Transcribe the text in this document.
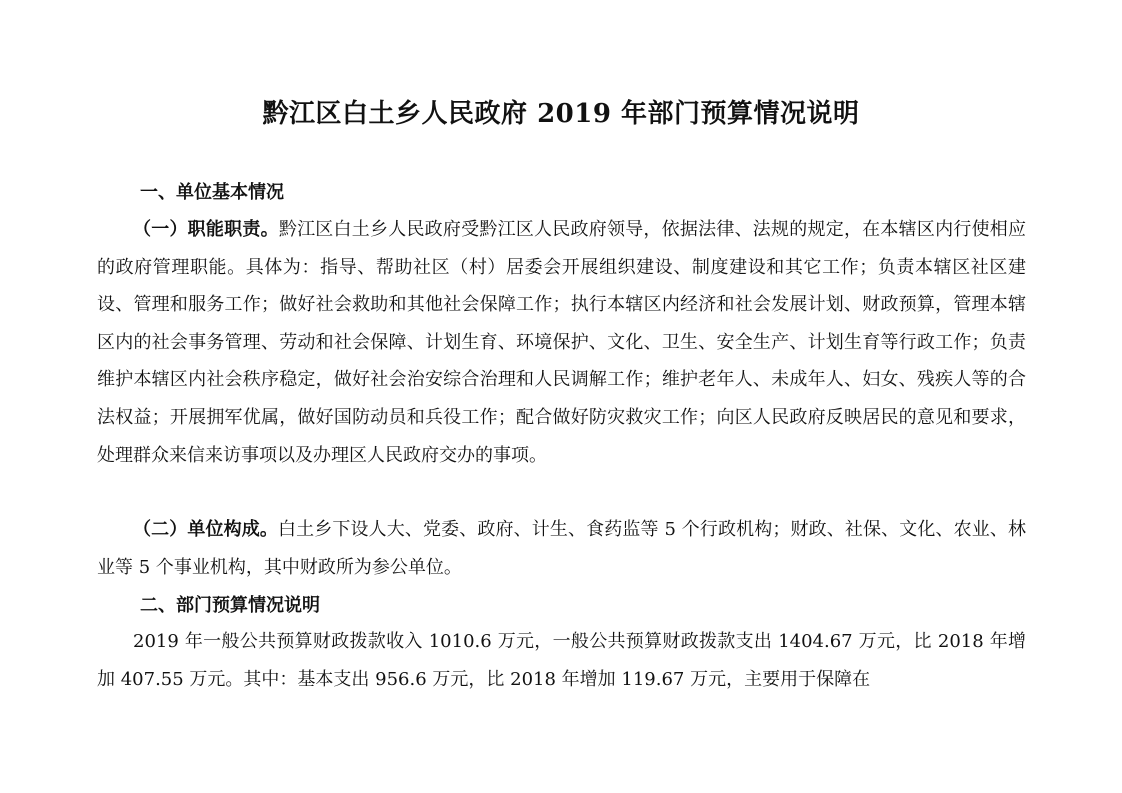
黔江区白土乡人民政府 2019 年部门预算情况说明
一、单位基本情况

（一）职能职责。黔江区白土乡人民政府受黔江区人民政府领导，依据法律、法规的规定，在本辖区内行使相应的政府管理职能。具体为：指导、帮助社区（村）居委会开展组织建设、制度建设和其它工作；负责本辖区社区建设、管理和服务工作；做好社会救助和其他社会保障工作；执行本辖区内经济和社会发展计划、财政预算，管理本辖区内的社会事务管理、劳动和社会保障、计划生育、环境保护、文化、卫生、安全生产、计划生育等行政工作；负责维护本辖区内社会秩序稳定，做好社会治安综合治理和人民调解工作；维护老年人、未成年人、妇女、残疾人等的合法权益；开展拥军优属，做好国防动员和兵役工作；配合做好防灾救灾工作；向区人民政府反映居民的意见和要求，处理群众来信来访事项以及办理区人民政府交办的事项。

（二）单位构成。白土乡下设人大、党委、政府、计生、食药监等 5 个行政机构；财政、社保、文化、农业、林业等 5 个事业机构，其中财政所为参公单位。

二、部门预算情况说明

2019 年一般公共预算财政拨款收入 1010.6 万元，一般公共预算财政拨款支出 1404.67 万元，比 2018 年增加 407.55 万元。其中：基本支出 956.6 万元，比 2018 年增加 119.67 万元，主要用于保障在
